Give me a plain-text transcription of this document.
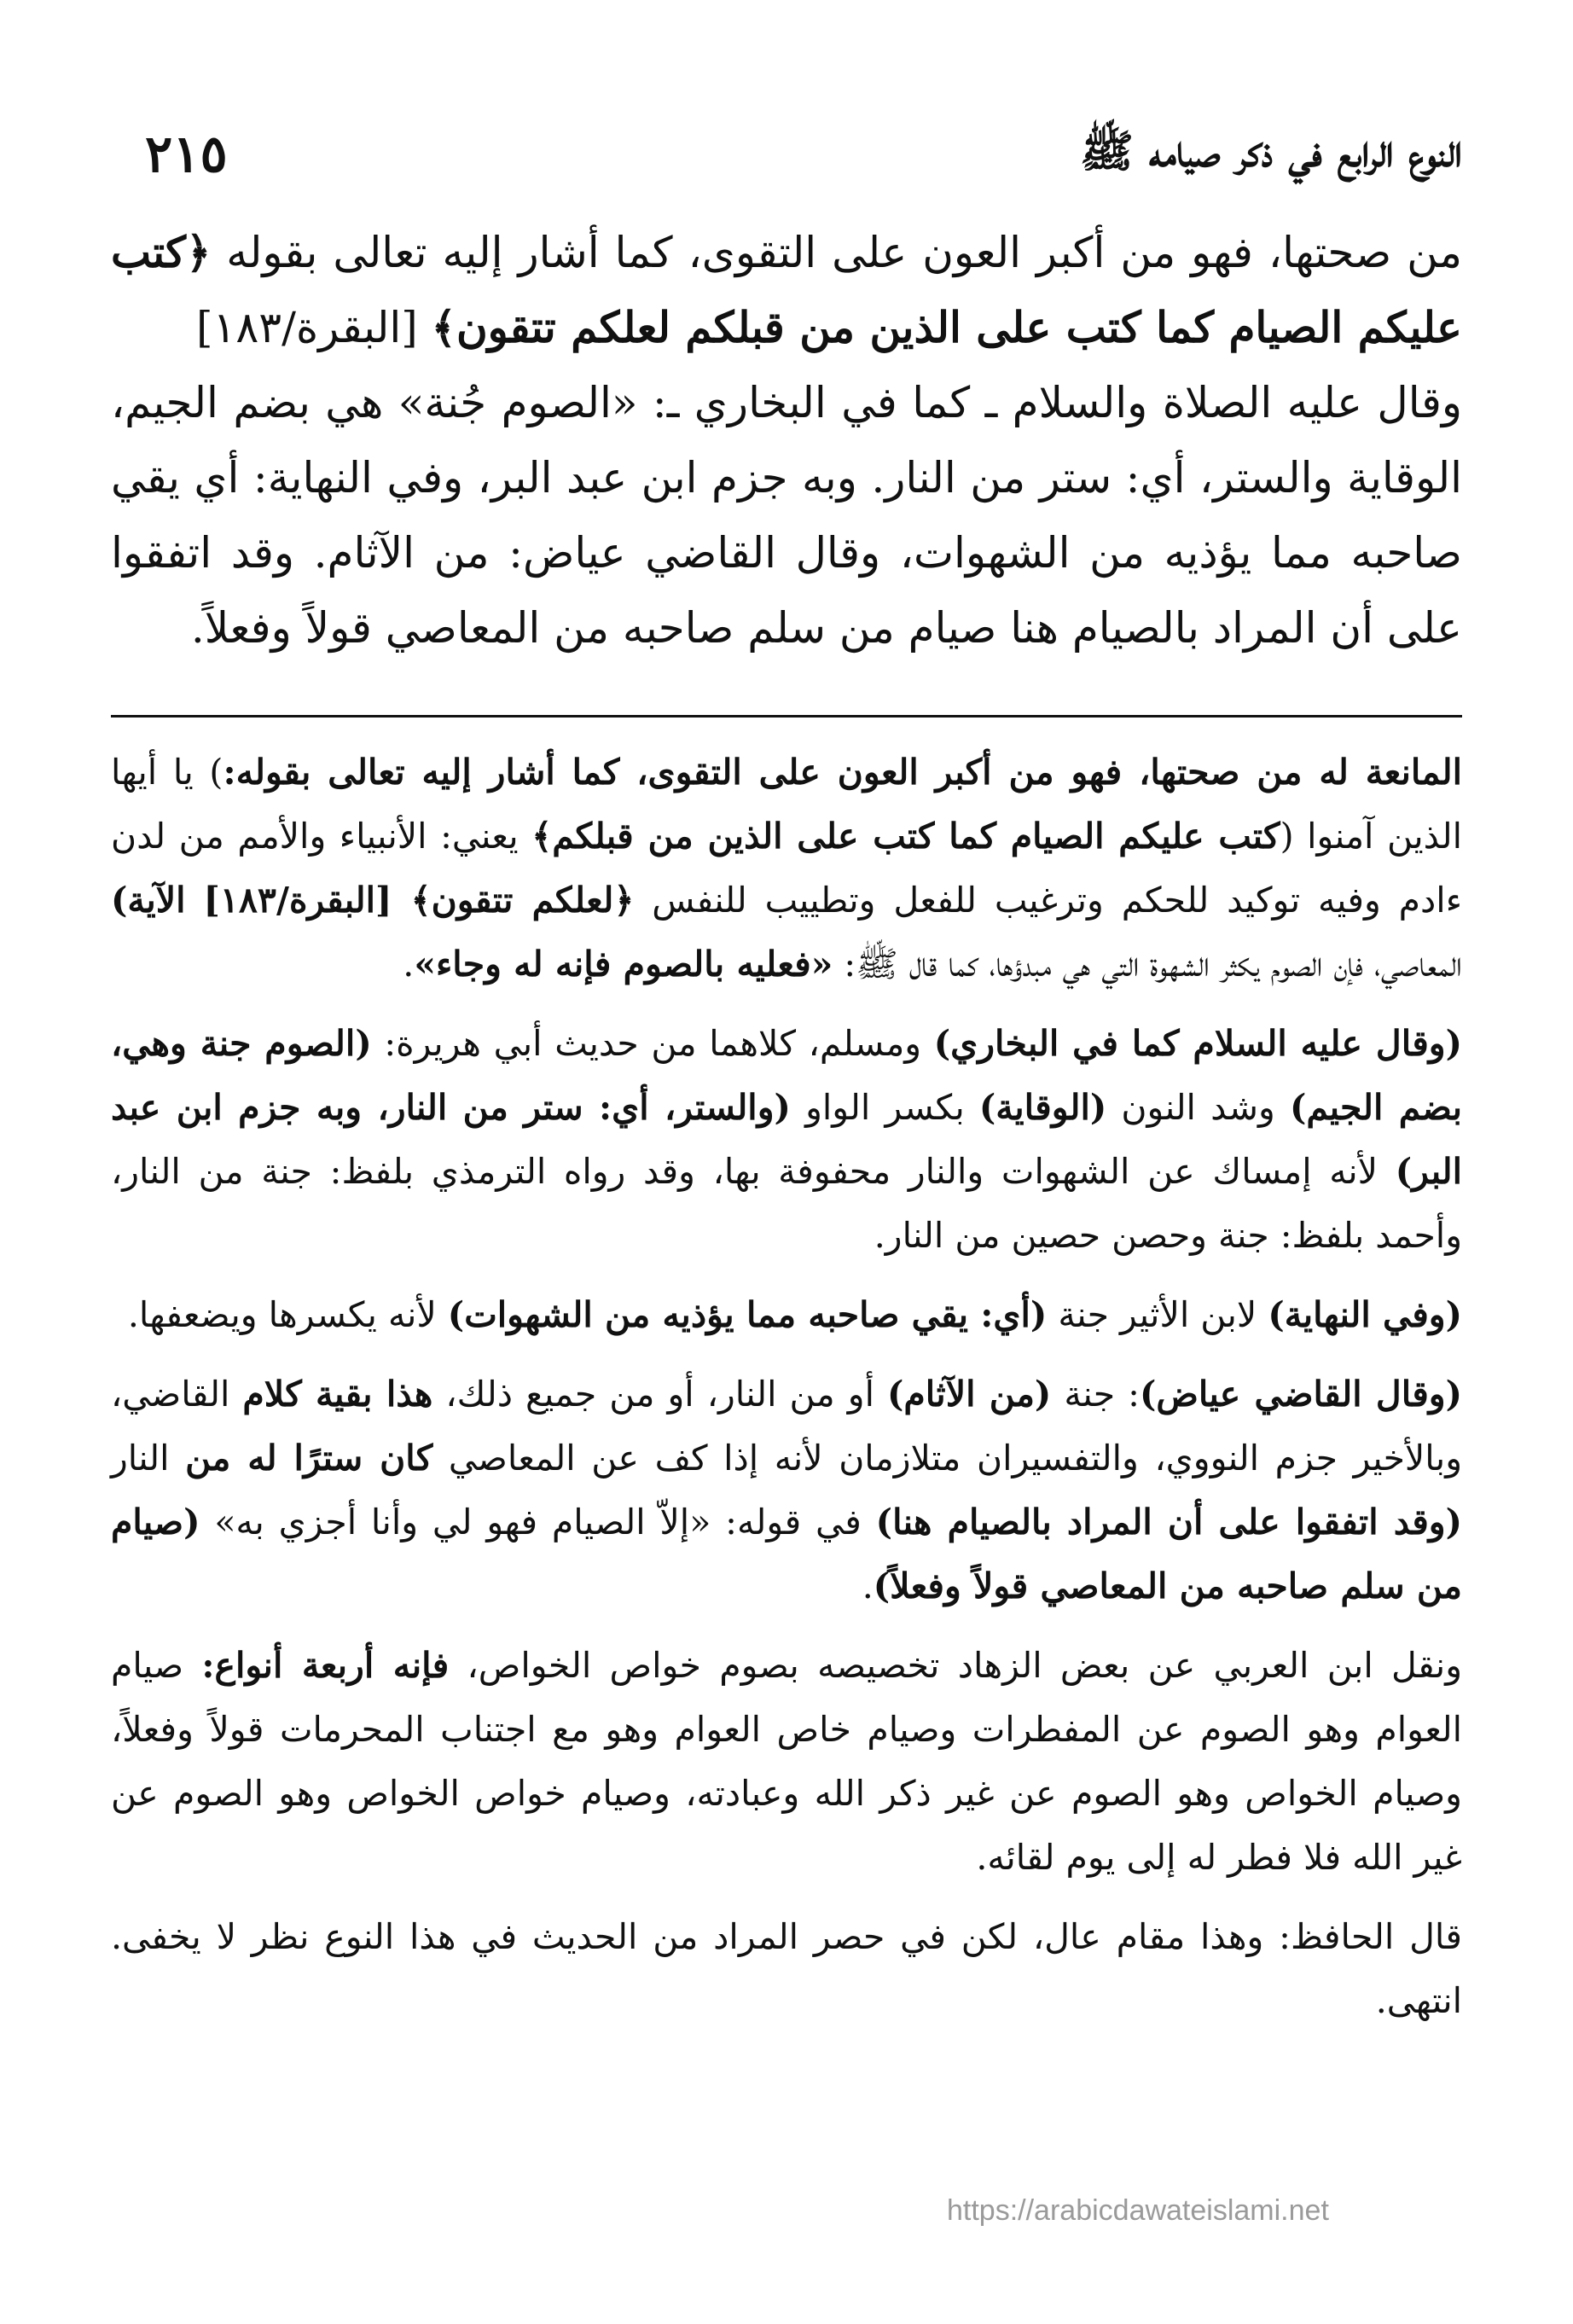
٢١٥	النوع الرابع في ذكر صيامه ﷺ

من صحتها، فهو من أكبر العون على التقوى، كما أشار إليه تعالى بقوله ﴿كتب عليكم الصيام كما كتب على الذين من قبلكم لعلكم تتقون﴾ [البقرة/١٨٣]

وقال عليه الصلاة والسلام ـ كما في البخاري ـ: «الصوم جُنة» هي بضم الجيم، الوقاية والستر، أي: ستر من النار. وبه جزم ابن عبد البر، وفي النهاية: أي يقي صاحبه مما يؤذيه من الشهوات، وقال القاضي عياض: من الآثام. وقد اتفقوا على أن المراد بالصيام هنا صيام من سلم صاحبه من المعاصي قولاً وفعلاً.

المانعة له من صحتها، فهو من أكبر العون على التقوى، كما أشار إليه تعالى بقوله:) يا أيها الذين آمنوا (كتب عليكم الصيام كما كتب على الذين من قبلكم﴾ يعني: الأنبياء والأمم من لدن ءادم وفيه توكيد للحكم وترغيب للفعل وتطييب للنفس ﴿لعلكم تتقون﴾ [البقرة/١٨٣] الآية) المعاصي، فإن الصوم يكثر الشهوة التي هي مبدؤها، كما قال ﷺ: «فعليه بالصوم فإنه له وجاء».

(وقال عليه السلام كما في البخاري) ومسلم، كلاهما من حديث أبي هريرة: (الصوم جنة وهي، بضم الجيم) وشد النون (الوقاية) بكسر الواو (والستر، أي: ستر من النار، وبه جزم ابن عبد البر) لأنه إمساك عن الشهوات والنار محفوفة بها، وقد رواه الترمذي بلفظ: جنة من النار، وأحمد بلفظ: جنة وحصن حصين من النار.

(وفي النهاية) لابن الأثير جنة (أي: يقي صاحبه مما يؤذيه من الشهوات) لأنه يكسرها ويضعفها.

(وقال القاضي عياض): جنة (من الآثام) أو من النار، أو من جميع ذلك، هذا بقية كلام القاضي، وبالأخير جزم النووي، والتفسيران متلازمان لأنه إذا كف عن المعاصي كان سترًا له من النار (وقد اتفقوا على أن المراد بالصيام هنا) في قوله: «إلاّ الصيام فهو لي وأنا أجزي به» (صيام من سلم صاحبه من المعاصي قولاً وفعلاً).

ونقل ابن العربي عن بعض الزهاد تخصيصه بصوم خواص الخواص، فإنه أربعة أنواع: صيام العوام وهو الصوم عن المفطرات وصيام خاص العوام وهو مع اجتناب المحرمات قولاً وفعلاً، وصيام الخواص وهو الصوم عن غير ذكر الله وعبادته، وصيام خواص الخواص وهو الصوم عن غير الله فلا فطر له إلى يوم لقائه.

قال الحافظ: وهذا مقام عال، لكن في حصر المراد من الحديث في هذا النوع نظر لا يخفى. انتهى.

https://arabicdawateislami.net
